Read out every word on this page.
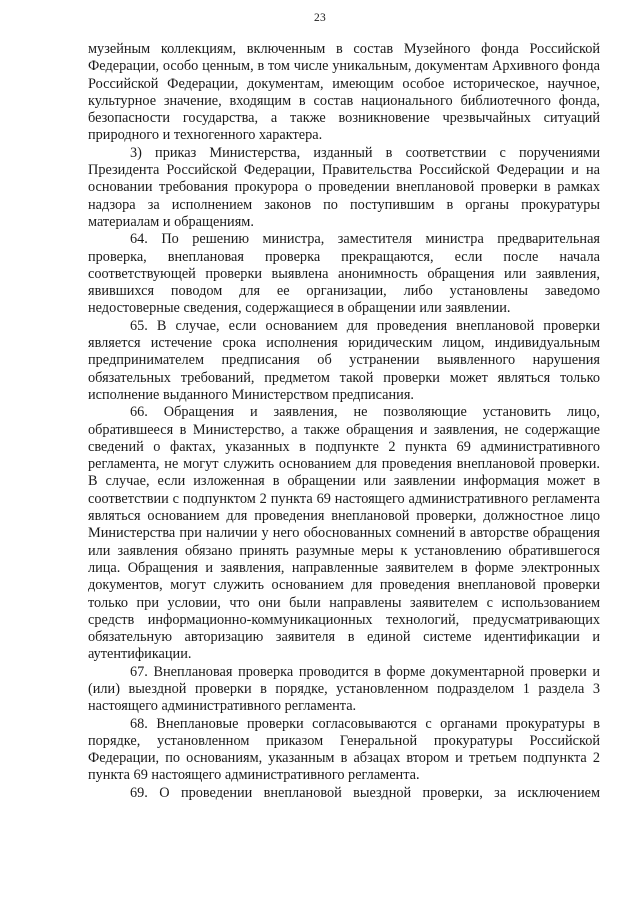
23

музейным коллекциям, включенным в состав Музейного фонда Российской Федерации, особо ценным, в том числе уникальным, документам Архивного фонда Российской Федерации, документам, имеющим особое историческое, научное, культурное значение, входящим в состав национального библиотечного фонда, безопасности государства, а также возникновение чрезвычайных ситуаций природного и техногенного характера.

3) приказ Министерства, изданный в соответствии с поручениями Президента Российской Федерации, Правительства Российской Федерации и на основании требования прокурора о проведении внеплановой проверки в рамках надзора за исполнением законов по поступившим в органы прокуратуры материалам и обращениям.

64. По решению министра, заместителя министра предварительная проверка, внеплановая проверка прекращаются, если после начала соответствующей проверки выявлена анонимность обращения или заявления, явившихся поводом для ее организации, либо установлены заведомо недостоверные сведения, содержащиеся в обращении или заявлении.

65. В случае, если основанием для проведения внеплановой проверки является истечение срока исполнения юридическим лицом, индивидуальным предпринимателем предписания об устранении выявленного нарушения обязательных требований, предметом такой проверки может являться только исполнение выданного Министерством предписания.

66. Обращения и заявления, не позволяющие установить лицо, обратившееся в Министерство, а также обращения и заявления, не содержащие сведений о фактах, указанных в подпункте 2 пункта 69 административного регламента, не могут служить основанием для проведения внеплановой проверки. В случае, если изложенная в обращении или заявлении информация может в соответствии с подпунктом 2 пункта 69 настоящего административного регламента являться основанием для проведения внеплановой проверки, должностное лицо Министерства при наличии у него обоснованных сомнений в авторстве обращения или заявления обязано принять разумные меры к установлению обратившегося лица. Обращения и заявления, направленные заявителем в форме электронных документов, могут служить основанием для проведения внеплановой проверки только при условии, что они были направлены заявителем с использованием средств информационно-коммуникационных технологий, предусматривающих обязательную авторизацию заявителя в единой системе идентификации и аутентификации.

67. Внеплановая проверка проводится в форме документарной проверки и (или) выездной проверки в порядке, установленном подразделом 1 раздела 3 настоящего административного регламента.

68. Внеплановые проверки согласовываются с органами прокуратуры в порядке, установленном приказом Генеральной прокуратуры Российской Федерации, по основаниям, указанным в абзацах втором и третьем подпункта 2 пункта 69 настоящего административного регламента.

69. О проведении внеплановой выездной проверки, за исключением
